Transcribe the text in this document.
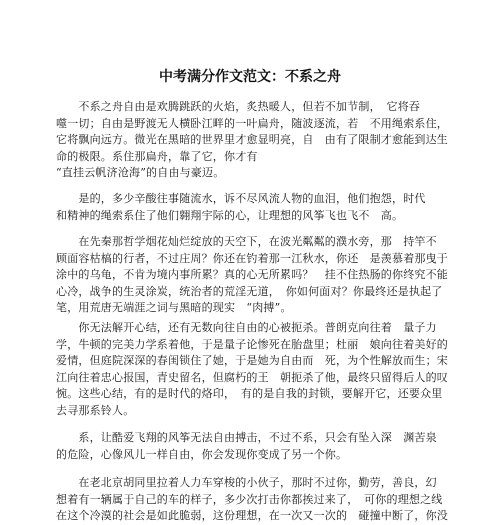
中考满分作文范文：不系之舟
　　不系之舟自由是欢腾跳跃的火焰，炙热暖人，但若不加节制，　它将吞
噬一切；自由是野渡无人横卧江畔的一叶扁舟，随波逐流，若　不用绳索系住，
它将飘向远方。微光在黑暗的世界里才愈显明亮，自　由有了限制才愈能到达生
命的极限。系住那扁舟，靠了它，你才有
“直挂云帆济沧海”的自由与豪迈。
　　是的，多少辛酸往事随流水，诉不尽风流人物的血泪，他们抱怨，时代
和精神的绳索系住了他们翱翔宇际的心，让理想的风筝飞也飞不　高。
　　在先秦那哲学烟花灿烂绽放的天空下，在波光粼粼的濮水旁，那　持竿不
顾面容枯槁的行者，不过庄周？你还在钓着那一江秋水，你还　是羡慕着那曳于
涂中的乌龟，不肯为境内事所累？真的心无所累吗？　挂不住热肠的你终究不能
心冷，战争的生灵涂炭，统治者的荒淫无道，　你如何面对？你最终还是执起了
笔，用荒唐无端涯之词与黑暗的现实　“肉搏”。
　　你无法解开心结，还有无数向往自由的心被扼杀。普朗克向往着　量子力
学，牛顿的完美力学系着他，于是量子论惨死在胎盘里；杜丽　娘向往着美好的
爱情，但庭院深深的春闺锁住了她，于是她为自由而　死，为个性解放而生；宋
江向往着忠心报国，青史留名，但腐朽的王　朝扼杀了他，最终只留得后人的叹
惋。这些心结，有的是时代的烙印，　有的是自我的封锁，要解开它，还要众里
去寻那系铃人。
　　系，让酷爱飞翔的风筝无法自由搏击，不过不系，只会有坠入深　渊苦泉
的危险，心像风儿一样自由，你会发现你变成了另一个你。
　　在老北京胡同里拉着人力车穿梭的小伙子，那时不过你，勤劳，善良，幻
想着有一辆属于自己的车的样子，多少次打击你都挨过来了，　可你的理想之线
在这个冷漠的社会是如此脆弱，这份理想，在一次又一次的　碰撞中断了，你没
